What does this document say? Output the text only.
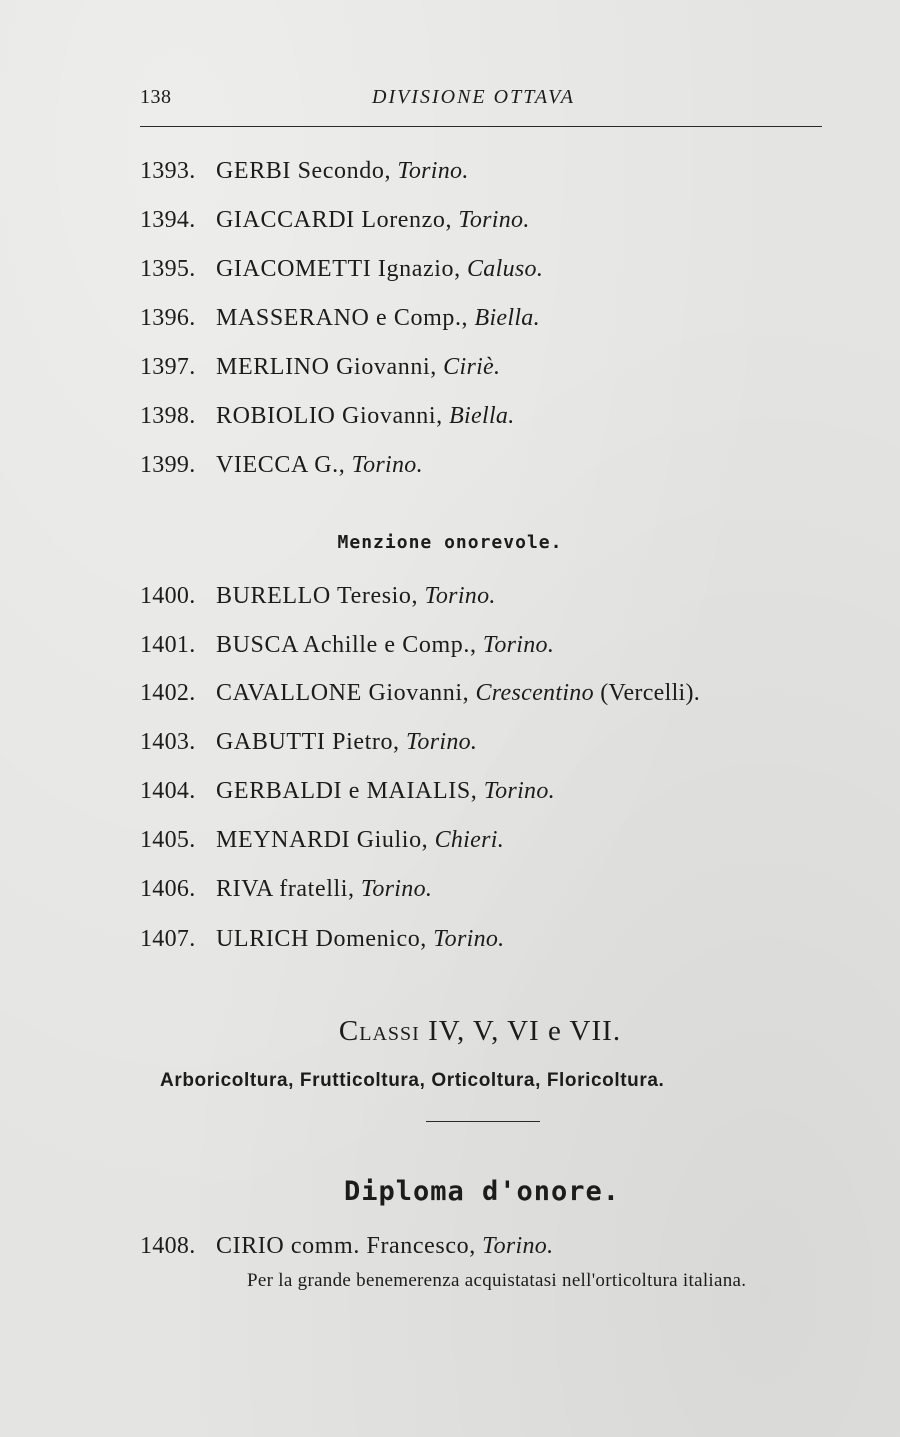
138	DIVISIONE OTTAVA
1393. GERBI Secondo, Torino.
1394. GIACCARDI Lorenzo, Torino.
1395. GIACOMETTI Ignazio, Caluso.
1396. MASSERANO e Comp., Biella.
1397. MERLINO Giovanni, Ciriè.
1398. ROBIOLIO Giovanni, Biella.
1399. VIECCA G., Torino.
Menzione onorevole.
1400. BURELLO Teresio, Torino.
1401. BUSCA Achille e Comp., Torino.
1402. CAVALLONE Giovanni, Crescentino (Vercelli).
1403. GABUTTI Pietro, Torino.
1404. GERBALDI e MAIALIS, Torino.
1405. MEYNARDI Giulio, Chieri.
1406. RIVA fratelli, Torino.
1407. ULRICH Domenico, Torino.
Classi IV, V, VI e VII.
Arboricoltura, Frutticoltura, Orticoltura, Floricoltura.
Diploma d'onore.
1408. CIRIO comm. Francesco, Torino.
Per la grande benemerenza acquistatasi nell'orticoltura italiana.
